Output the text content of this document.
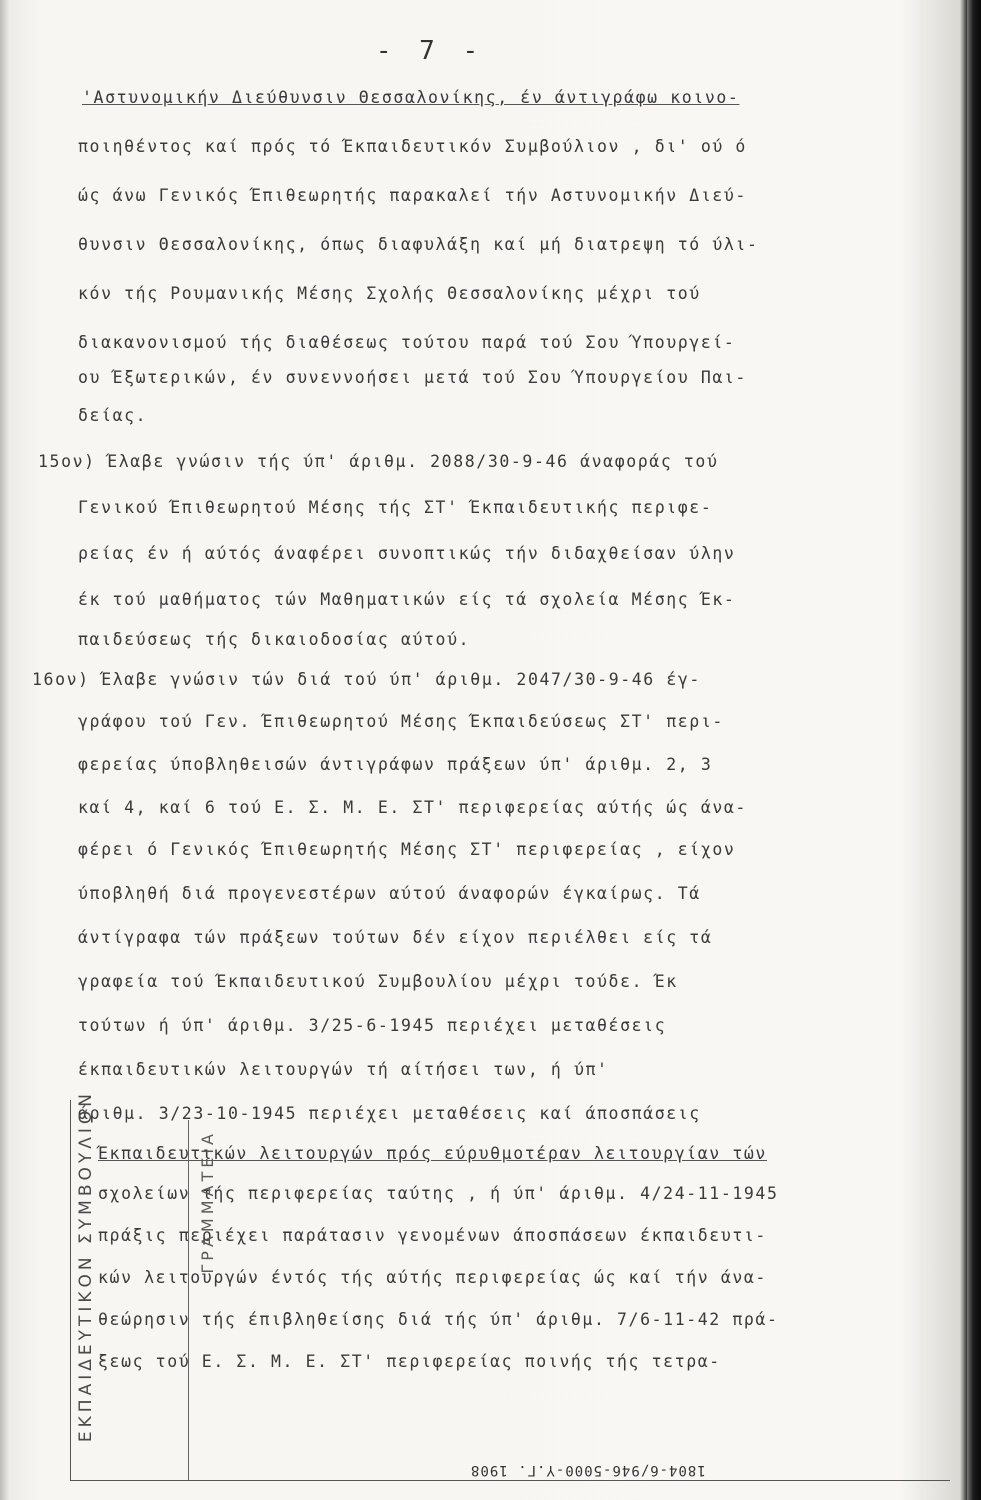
- 7 -
'Αστυνομικήν Διεύθυνσιν Θεσσαλονίκης, έν άντιγράφω κοινο-
ποιηθέντος καί πρός τό Έκπαιδευτικόν Συμβούλιον , δι' ού ό
ώς άνω Γενικός Έπιθεωρητής παρακαλεί τήν Αστυνομικήν Διεύ-
θυνσιν Θεσσαλονίκης, όπως διαφυλάξη καί μή διατρεψη τό ύλι-
κόν τής Ρουμανικής Μέσης Σχολής Θεσσαλονίκης μέχρι τού
διακανονισμού τής διαθέσεως τούτου παρά τού Σου Ύπουργεί-
ου Έξωτερικών, έν συνεννοήσει μετά τού Σου Ύπουργείου Παι-
δείας.
15ον) Έλαβε γνώσιν τής ύπ' άριθμ. 2088/30-9-46 άναφοράς τού
Γενικού Έπιθεωρητού Μέσης τής ΣΤ' Έκπαιδευτικής περιφε-
ρείας έν ή αύτός άναφέρει συνοπτικώς τήν διδαχθείσαν ύλην
έκ τού μαθήματος τών Μαθηματικών είς τά σχολεία Μέσης Έκ-
παιδεύσεως τής δικαιοδοσίας αύτού.
16ον) Έλαβε γνώσιν τών διά τού ύπ' άριθμ. 2047/30-9-46 έγ-
γράφου τού Γεν. Έπιθεωρητού Μέσης Έκπαιδεύσεως ΣΤ' περι-
φερείας ύποβληθεισών άντιγράφων πράξεων ύπ' άριθμ. 2, 3
καί 4, καί 6 τού Ε. Σ. Μ. Ε. ΣΤ' περιφερείας αύτής ώς άνα-
φέρει ό Γενικός Έπιθεωρητής Μέσης ΣΤ' περιφερείας , είχον
ύποβληθή διά προγενεστέρων αύτού άναφορών έγκαίρως. Τά
άντίγραφα τών πράξεων τούτων δέν είχον περιέλθει είς τά
γραφεία τού Έκπαιδευτικού Συμβουλίου μέχρι τούδε. Έκ
τούτων ή ύπ' άριθμ. 3/25-6-1945 περιέχει μεταθέσεις
έκπαιδευτικών λειτουργών τή αίτήσει των, ή ύπ'
άριθμ. 3/23-10-1945 περιέχει μεταθέσεις καί άποσπάσεις
Έκπαιδευτικών λειτουργών πρός εύρυθμοτέραν λειτουργίαν τών
σχολείων τής περιφερείας ταύτης , ή ύπ' άριθμ. 4/24-11-1945
πράξις περιέχει παράτασιν γενομένων άποσπάσεων έκπαιδευτι-
κών λειτουργών έντός τής αύτής περιφερείας ώς καί τήν άνα-
θεώρησιν τής έπιβληθείσης διά τής ύπ' άριθμ. 7/6-11-42 πρά-
ξεως τού Ε. Σ. Μ. Ε. ΣΤ' περιφερείας ποινής τής τετρα-
ΕΚΠΑΙΔΕΥΤΙΚΟΝ ΣΥΜΒΟΥΛΙΟΝ	ΓΡΑΜΜΑΤΕΙΑ
1804-6/946-5000-Υ.Γ. 1908
